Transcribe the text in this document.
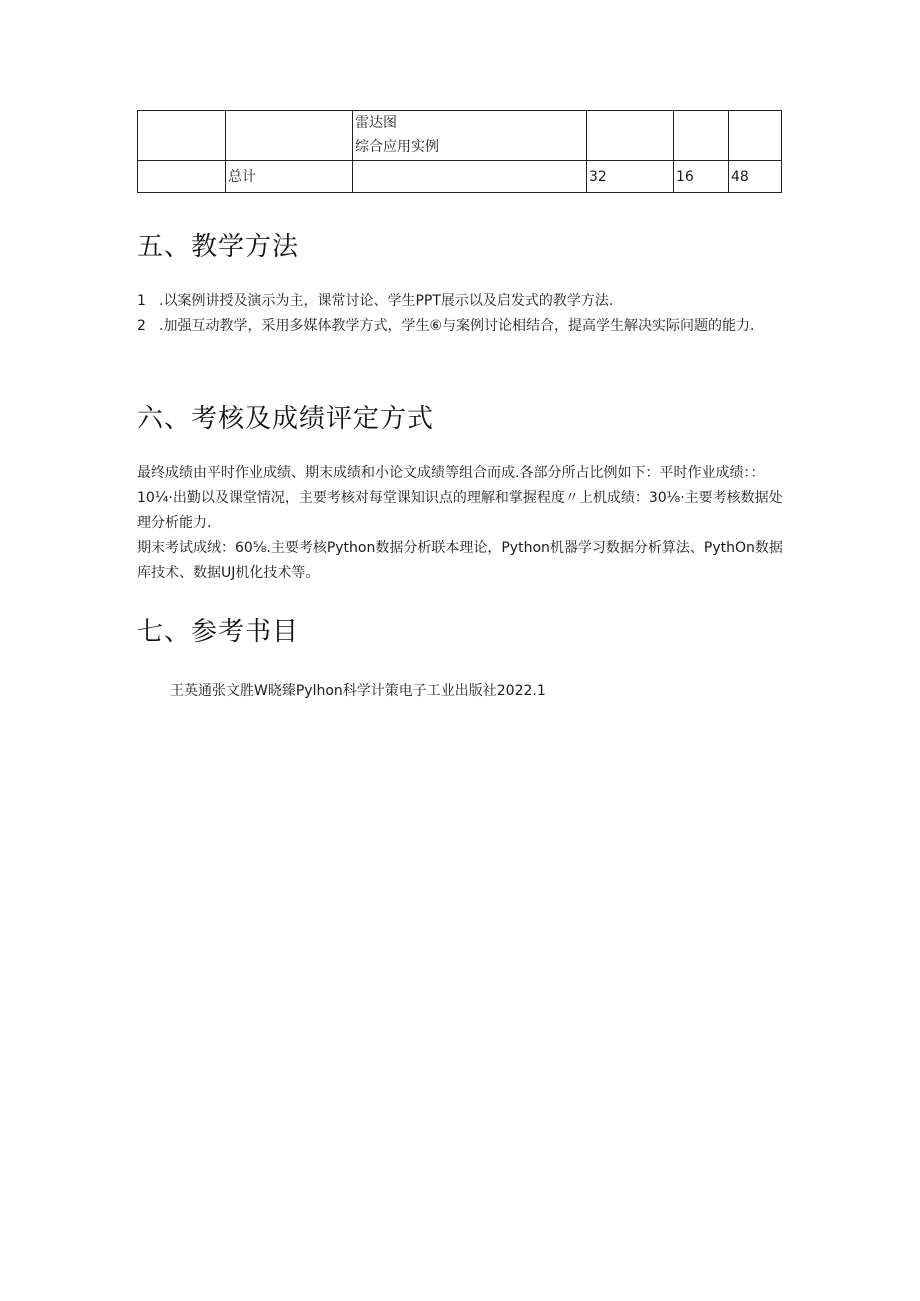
		雷达图
综合应用实例			

	总计		32	16	48
五、教学方法

1 .以案例讲授及演示为主，课常讨论、学生PPT展示以及启发式的教学方法.

2 .加强互动教学，采用多媒体教学方式，学生⑥与案例讨论相结合，提高学生解决实际问题的能力.

六、考核及成绩评定方式

最终成绩由平时作业成绩、期末成绩和小论文成绩等组合而成.各部分所占比例如下：平时作业成绩：：10¼·出勤以及课堂情况，主要考核对每堂课知识点的理解和掌握程度〃上机成绩：30⅛·主要考核数据处理分析能力.

期末考试成绒：60⅝.主要考核Python数据分析联本理论，Python机器学习数据分析算法、PythOn数据库技术、数据UJ机化技术等。

七、参考书目

王英通张文胜W晓臻Pylhon科学计策电子工业出版社2022.1
